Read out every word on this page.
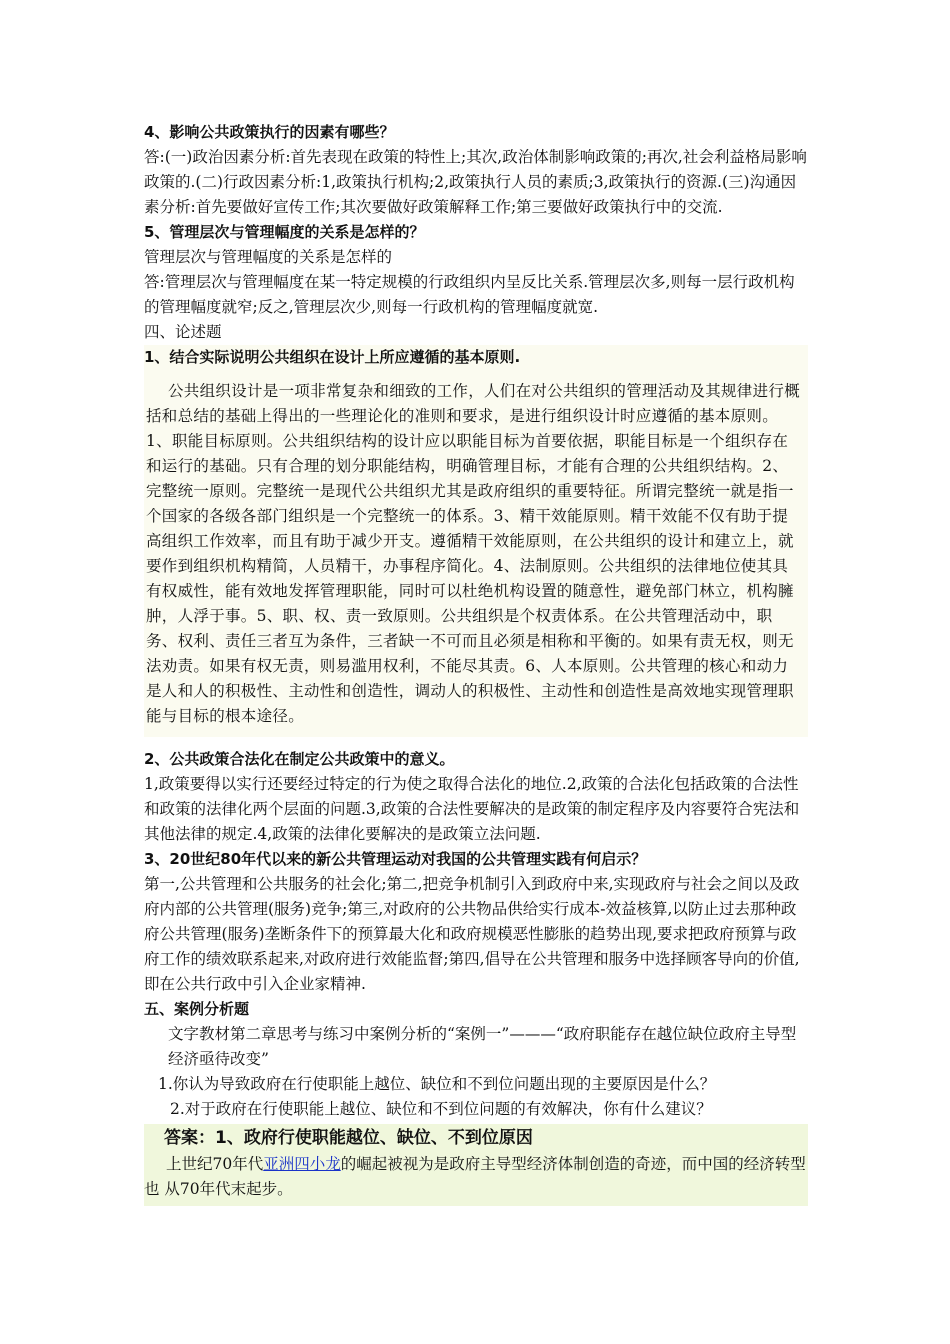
4、影响公共政策执行的因素有哪些？

答:(一)政治因素分析:首先表现在政策的特性上;其次,政治体制影响政策的;再次,社会利益格局影响政策的.(二)行政因素分析:1,政策执行机构;2,政策执行人员的素质;3,政策执行的资源.(三)沟通因素分析:首先要做好宣传工作;其次要做好政策解释工作;第三要做好政策执行中的交流.

5、管理层次与管理幅度的关系是怎样的？

管理层次与管理幅度的关系是怎样的

答:管理层次与管理幅度在某一特定规模的行政组织内呈反比关系.管理层次多,则每一层行政机构的管理幅度就窄;反之,管理层次少,则每一行政机构的管理幅度就宽.

四、论述题

1、结合实际说明公共组织在设计上所应遵循的基本原则.

公共组织设计是一项非常复杂和细致的工作，人们在对公共组织的管理活动及其规律进行概括和总结的基础上得出的一些理论化的准则和要求，是进行组织设计时应遵循的基本原则。1、职能目标原则。公共组织结构的设计应以职能目标为首要依据，职能目标是一个组织存在和运行的基础。只有合理的划分职能结构，明确管理目标，才能有合理的公共组织结构。2、完整统一原则。完整统一是现代公共组织尤其是政府组织的重要特征。所谓完整统一就是指一个国家的各级各部门组织是一个完整统一的体系。3、精干效能原则。精干效能不仅有助于提高组织工作效率，而且有助于减少开支。遵循精干效能原则，在公共组织的设计和建立上，就要作到组织机构精简，人员精干，办事程序简化。4、法制原则。公共组织的法律地位使其具有权威性，能有效地发挥管理职能，同时可以杜绝机构设置的随意性，避免部门林立，机构臃肿，人浮于事。5、职、权、责一致原则。公共组织是个权责体系。在公共管理活动中，职务、权利、责任三者互为条件，三者缺一不可而且必须是相称和平衡的。如果有责无权，则无法劝责。如果有权无责，则易滥用权利，不能尽其责。6、人本原则。公共管理的核心和动力是人和人的积极性、主动性和创造性，调动人的积极性、主动性和创造性是高效地实现管理职能与目标的根本途径。

2、公共政策合法化在制定公共政策中的意义。

1,政策要得以实行还要经过特定的行为使之取得合法化的地位.2,政策的合法化包括政策的合法性和政策的法律化两个层面的问题.3,政策的合法性要解决的是政策的制定程序及内容要符合宪法和其他法律的规定.4,政策的法律化要解决的是政策立法问题.

3、20世纪80年代以来的新公共管理运动对我国的公共管理实践有何启示？

第一,公共管理和公共服务的社会化;第二,把竞争机制引入到政府中来,实现政府与社会之间以及政府内部的公共管理(服务)竞争;第三,对政府的公共物品供给实行成本-效益核算,以防止过去那种政府公共管理(服务)垄断条件下的预算最大化和政府规模恶性膨胀的趋势出现,要求把政府预算与政府工作的绩效联系起来,对政府进行效能监督;第四,倡导在公共管理和服务中选择顾客导向的价值,即在公共行政中引入企业家精神.

五、案例分析题

文字教材第二章思考与练习中案例分析的“案例一”———“政府职能存在越位缺位政府主导型经济亟待改变”

1.你认为导致政府在行使职能上越位、缺位和不到位问题出现的主要原因是什么？

2.对于政府在行使职能上越位、缺位和不到位问题的有效解决，你有什么建议？

答案：1、政府行使职能越位、缺位、不到位原因

上世纪70年代亚洲四小龙的崛起被视为是政府主导型经济体制创造的奇迹，而中国的经济转型也 从70年代末起步。
